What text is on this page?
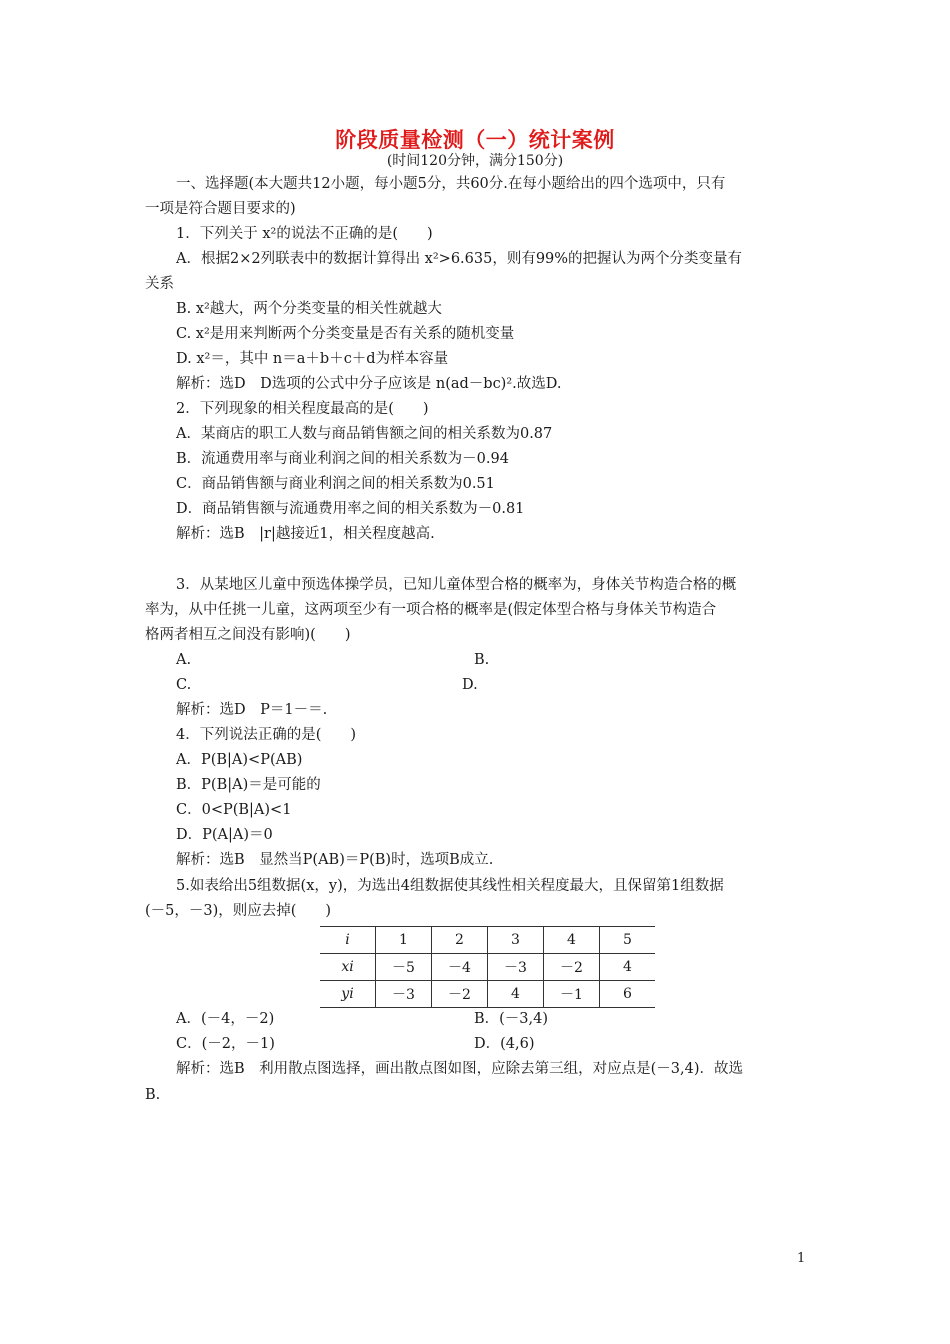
阶段质量检测（一）统计案例
(时间120分钟，满分150分)
一、选择题(本大题共12小题，每小题5分，共60分.在每小题给出的四个选项中，只有
一项是符合题目要求的)
1．下列关于 x²的说法不正确的是(　　)
A．根据2×2列联表中的数据计算得出 x²>6.635，则有99%的把握认为两个分类变量有
关系
B. x²越大，两个分类变量的相关性就越大
C. x²是用来判断两个分类变量是否有关系的随机变量
D. x²＝，其中 n＝a＋b＋c＋d为样本容量
解析：选D　D选项的公式中分子应该是 n(ad－bc)².故选D.
2．下列现象的相关程度最高的是(　　)
A．某商店的职工人数与商品销售额之间的相关系数为0.87
B．流通费用率与商业利润之间的相关系数为－0.94
C．商品销售额与商业利润之间的相关系数为0.51
D．商品销售额与流通费用率之间的相关系数为－0.81
解析：选B　|r|越接近1，相关程度越高.
3．从某地区儿童中预选体操学员，已知儿童体型合格的概率为，身体关节构造合格的概
率为，从中任挑一儿童，这两项至少有一项合格的概率是(假定体型合格与身体关节构造合
格两者相互之间没有影响)(　　)
A.	B.
C.	D.
解析：选D　P＝1－＝.
4．下列说法正确的是(　　)
A．P(B|A)<P(AB)
B．P(B|A)＝是可能的
C．0<P(B|A)<1
D．P(A|A)＝0
解析：选B　显然当P(AB)＝P(B)时，选项B成立.
5.如表给出5组数据(x，y)，为选出4组数据使其线性相关程度最大，且保留第1组数据
(－5，－3)，则应去掉(　　)
i	1	2	3	4	5
xi	－5	－4	－3	－2	4
yi	－3	－2	4	－1	6
A．(－4，－2)	B．(－3,4)
C．(－2，－1)	D．(4,6)
解析：选B　利用散点图选择，画出散点图如图，应除去第三组，对应点是(－3,4)．故选
B.
1
